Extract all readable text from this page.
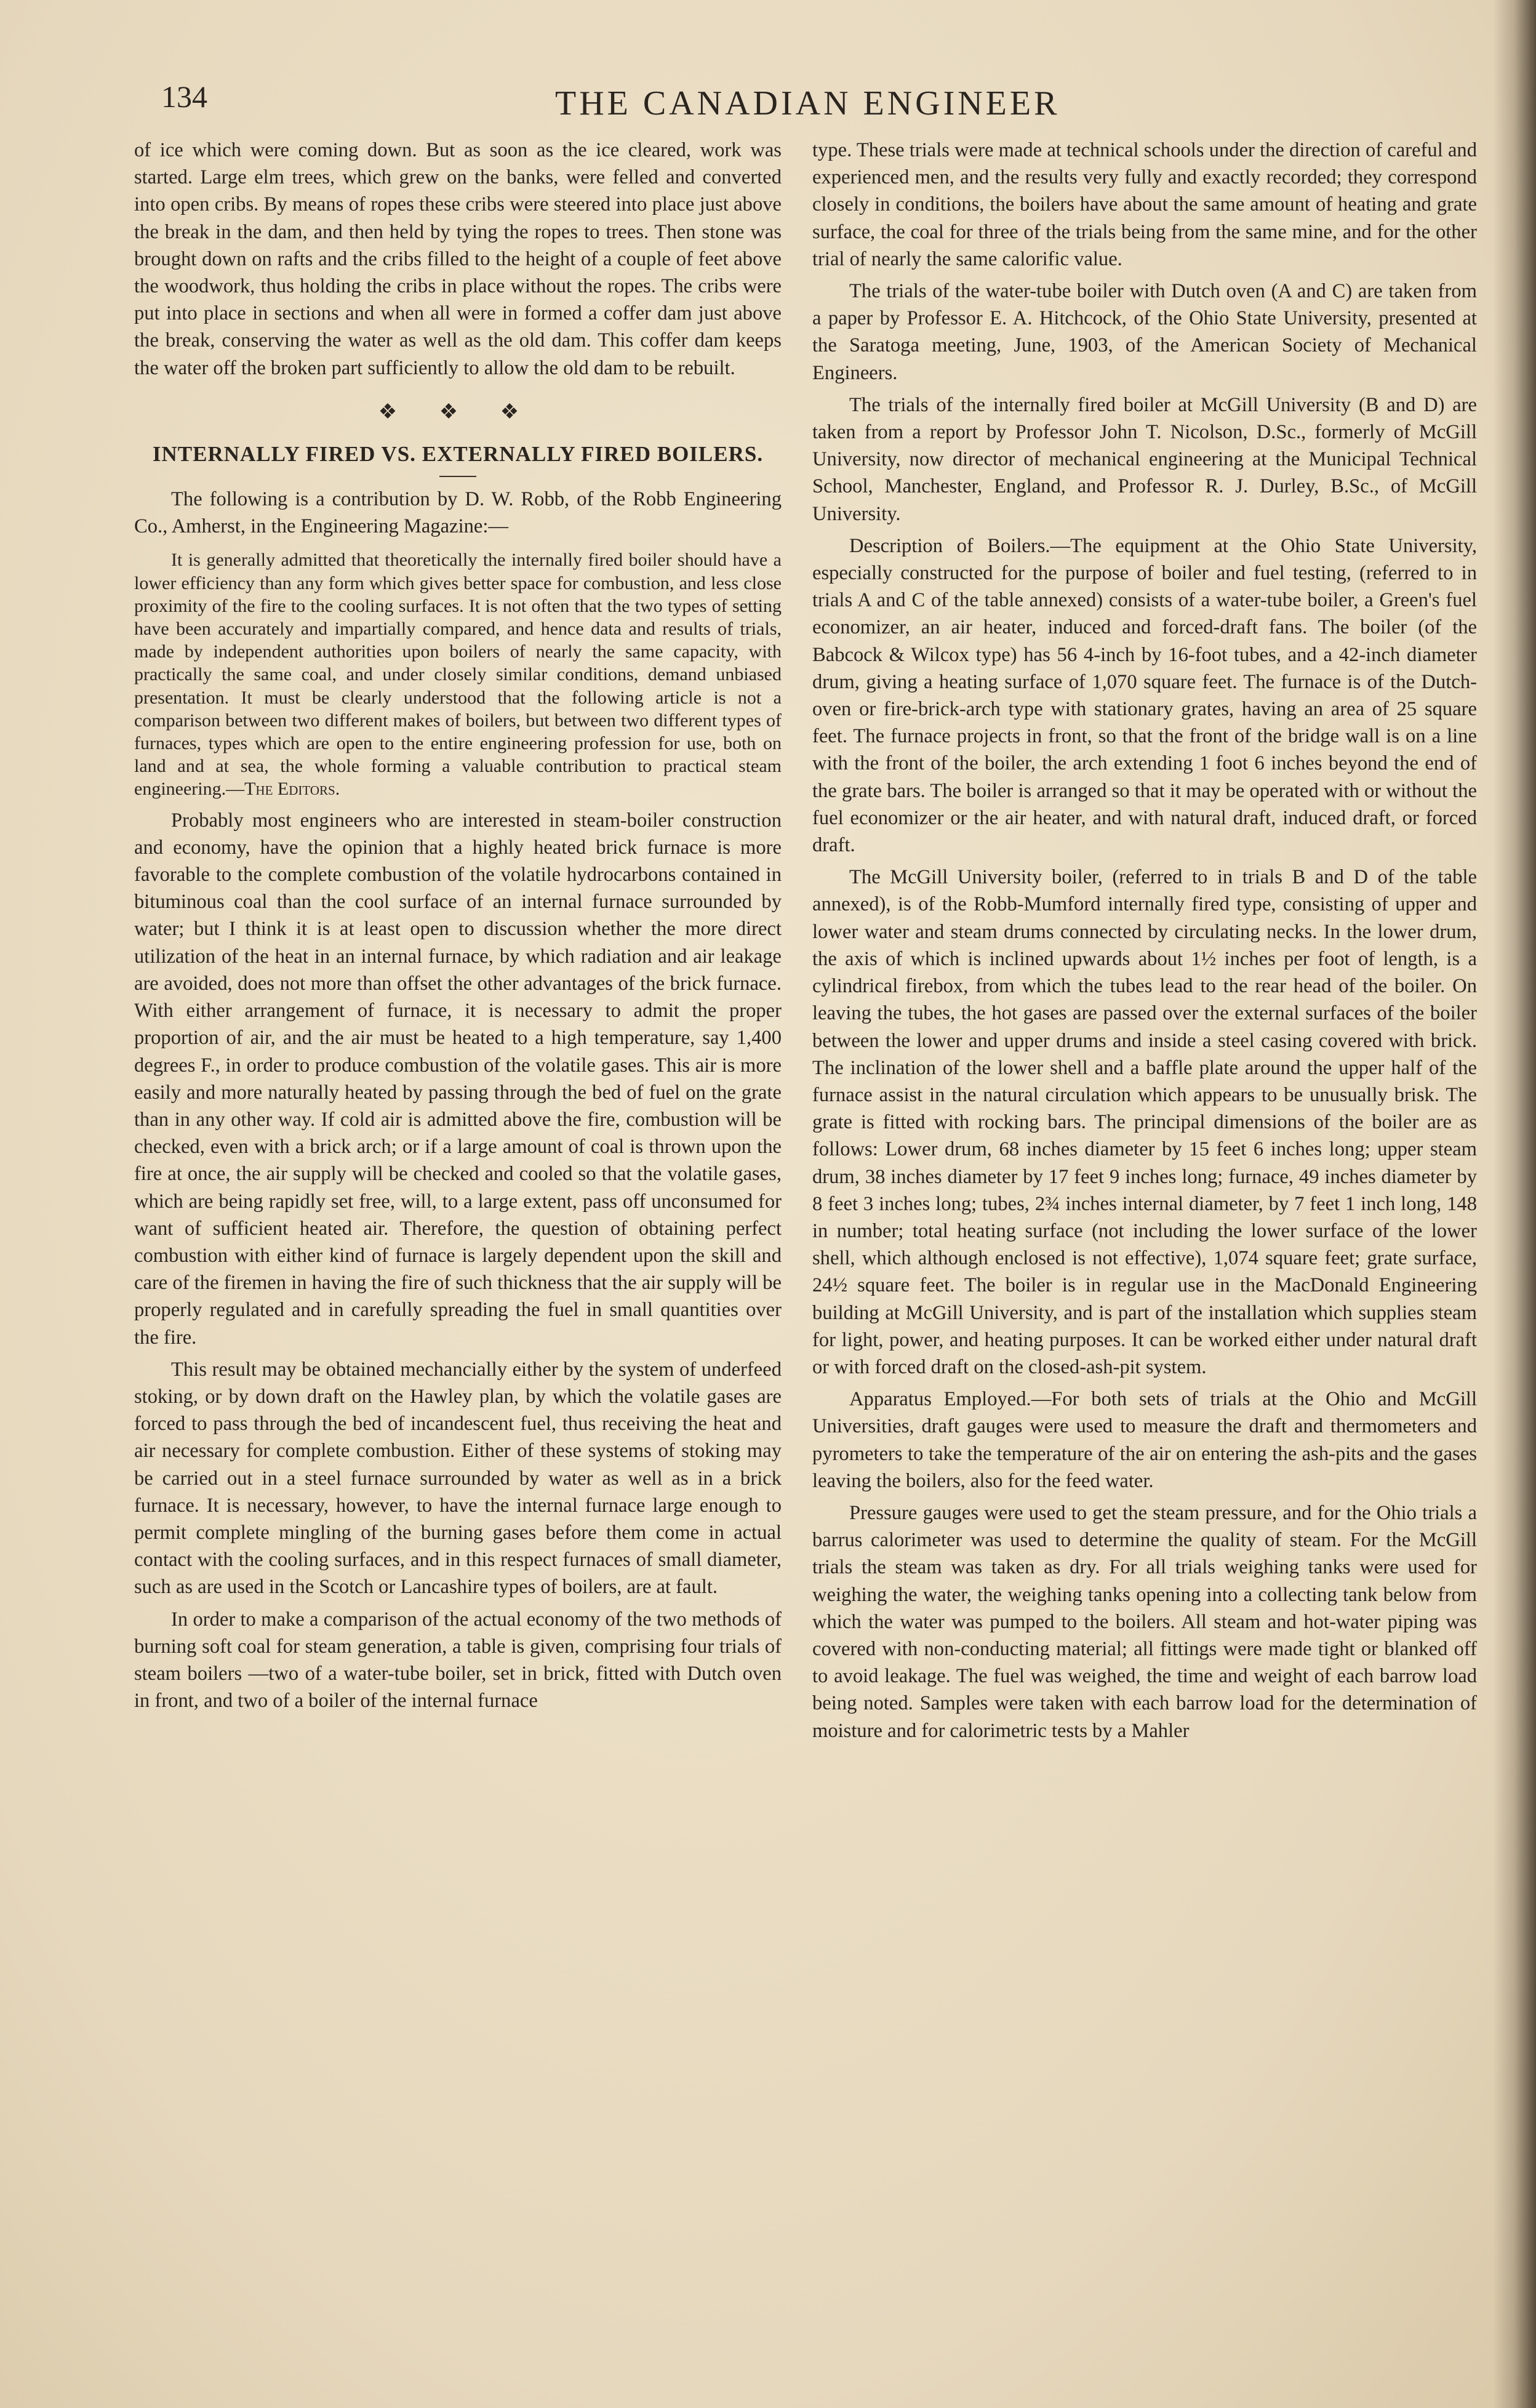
134	THE CANADIAN ENGINEER

of ice which were coming down. But as soon as the ice cleared, work was started. Large elm trees, which grew on the banks, were felled and converted into open cribs. By means of ropes these cribs were steered into place just above the break in the dam, and then held by tying the ropes to trees. Then stone was brought down on rafts and the cribs filled to the height of a couple of feet above the woodwork, thus holding the cribs in place without the ropes. The cribs were put into place in sections and when all were in formed a coffer dam just above the break, conserving the water as well as the old dam. This coffer dam keeps the water off the broken part sufficiently to allow the old dam to be rebuilt.

❖ ❖ ❖
INTERNALLY FIRED VS. EXTERNALLY FIRED BOILERS.

The following is a contribution by D. W. Robb, of the Robb Engineering Co., Amherst, in the Engineering Magazine:—

It is generally admitted that theoretically the internally fired boiler should have a lower efficiency than any form which gives better space for combustion, and less close proximity of the fire to the cooling surfaces. It is not often that the two types of setting have been accurately and impartially compared, and hence data and results of trials, made by independent authorities upon boilers of nearly the same capacity, with practically the same coal, and under closely similar conditions, demand unbiased presentation. It must be clearly understood that the following article is not a comparison between two different makes of boilers, but between two different types of furnaces, types which are open to the entire engineering profession for use, both on land and at sea, the whole forming a valuable contribution to practical steam engineering.—The Editors.

Probably most engineers who are interested in steam-boiler construction and economy, have the opinion that a highly heated brick furnace is more favorable to the complete combustion of the volatile hydrocarbons contained in bituminous coal than the cool surface of an internal furnace surrounded by water; but I think it is at least open to discussion whether the more direct utilization of the heat in an internal furnace, by which radiation and air leakage are avoided, does not more than offset the other advantages of the brick furnace. With either arrangement of furnace, it is necessary to admit the proper proportion of air, and the air must be heated to a high temperature, say 1,400 degrees F., in order to produce combustion of the volatile gases. This air is more easily and more naturally heated by passing through the bed of fuel on the grate than in any other way. If cold air is admitted above the fire, combustion will be checked, even with a brick arch; or if a large amount of coal is thrown upon the fire at once, the air supply will be checked and cooled so that the volatile gases, which are being rapidly set free, will, to a large extent, pass off unconsumed for want of sufficient heated air. Therefore, the question of obtaining perfect combustion with either kind of furnace is largely dependent upon the skill and care of the firemen in having the fire of such thickness that the air supply will be properly regulated and in carefully spreading the fuel in small quantities over the fire.

This result may be obtained mechancially either by the system of underfeed stoking, or by down draft on the Hawley plan, by which the volatile gases are forced to pass through the bed of incandescent fuel, thus receiving the heat and air necessary for complete combustion. Either of these systems of stoking may be carried out in a steel furnace surrounded by water as well as in a brick furnace. It is necessary, however, to have the internal furnace large enough to permit complete mingling of the burning gases before them come in actual contact with the cooling surfaces, and in this respect furnaces of small diameter, such as are used in the Scotch or Lancashire types of boilers, are at fault.

In order to make a comparison of the actual economy of the two methods of burning soft coal for steam generation, a table is given, comprising four trials of steam boilers —two of a water-tube boiler, set in brick, fitted with Dutch oven in front, and two of a boiler of the internal furnace

type. These trials were made at technical schools under the direction of careful and experienced men, and the results very fully and exactly recorded; they correspond closely in conditions, the boilers have about the same amount of heating and grate surface, the coal for three of the trials being from the same mine, and for the other trial of nearly the same calorific value.

The trials of the water-tube boiler with Dutch oven (A and C) are taken from a paper by Professor E. A. Hitchcock, of the Ohio State University, presented at the Saratoga meeting, June, 1903, of the American Society of Mechanical Engineers.

The trials of the internally fired boiler at McGill University (B and D) are taken from a report by Professor John T. Nicolson, D.Sc., formerly of McGill University, now director of mechanical engineering at the Municipal Technical School, Manchester, England, and Professor R. J. Durley, B.Sc., of McGill University.

Description of Boilers.—The equipment at the Ohio State University, especially constructed for the purpose of boiler and fuel testing, (referred to in trials A and C of the table annexed) consists of a water-tube boiler, a Green's fuel economizer, an air heater, induced and forced-draft fans. The boiler (of the Babcock & Wilcox type) has 56 4-inch by 16-foot tubes, and a 42-inch diameter drum, giving a heating surface of 1,070 square feet. The furnace is of the Dutch-oven or fire-brick-arch type with stationary grates, having an area of 25 square feet. The furnace projects in front, so that the front of the bridge wall is on a line with the front of the boiler, the arch extending 1 foot 6 inches beyond the end of the grate bars. The boiler is arranged so that it may be operated with or without the fuel economizer or the air heater, and with natural draft, induced draft, or forced draft.

The McGill University boiler, (referred to in trials B and D of the table annexed), is of the Robb-Mumford internally fired type, consisting of upper and lower water and steam drums connected by circulating necks. In the lower drum, the axis of which is inclined upwards about 1½ inches per foot of length, is a cylindrical firebox, from which the tubes lead to the rear head of the boiler. On leaving the tubes, the hot gases are passed over the external surfaces of the boiler between the lower and upper drums and inside a steel casing covered with brick. The inclination of the lower shell and a baffle plate around the upper half of the furnace assist in the natural circulation which appears to be unusually brisk. The grate is fitted with rocking bars. The principal dimensions of the boiler are as follows: Lower drum, 68 inches diameter by 15 feet 6 inches long; upper steam drum, 38 inches diameter by 17 feet 9 inches long; furnace, 49 inches diameter by 8 feet 3 inches long; tubes, 2¾ inches internal diameter, by 7 feet 1 inch long, 148 in number; total heating surface (not including the lower surface of the lower shell, which although enclosed is not effective), 1,074 square feet; grate surface, 24½ square feet. The boiler is in regular use in the MacDonald Engineering building at McGill University, and is part of the installation which supplies steam for light, power, and heating purposes. It can be worked either under natural draft or with forced draft on the closed-ash-pit system.

Apparatus Employed.—For both sets of trials at the Ohio and McGill Universities, draft gauges were used to measure the draft and thermometers and pyrometers to take the temperature of the air on entering the ash-pits and the gases leaving the boilers, also for the feed water.

Pressure gauges were used to get the steam pressure, and for the Ohio trials a barrus calorimeter was used to determine the quality of steam. For the McGill trials the steam was taken as dry. For all trials weighing tanks were used for weighing the water, the weighing tanks opening into a collecting tank below from which the water was pumped to the boilers. All steam and hot-water piping was covered with non-conducting material; all fittings were made tight or blanked off to avoid leakage. The fuel was weighed, the time and weight of each barrow load being noted. Samples were taken with each barrow load for the determination of moisture and for calorimetric tests by a Mahler
